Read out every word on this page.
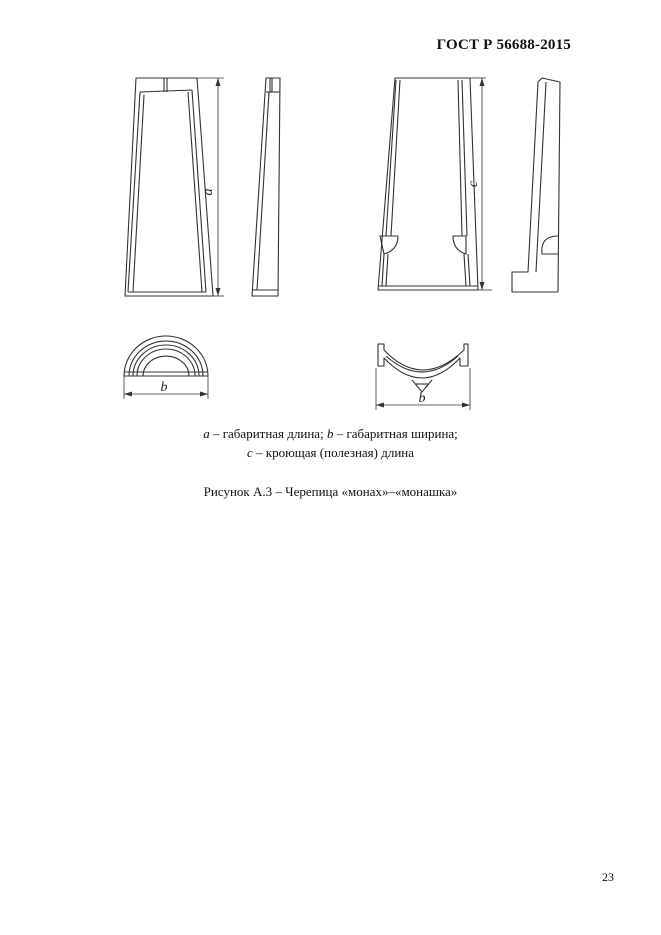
ГОСТ Р 56688-2015
a
c
b
b
a – габаритная длина; b – габаритная ширина;
c – кроющая (полезная) длина
Рисунок А.3 – Черепица «монах»–«монашка»
23
